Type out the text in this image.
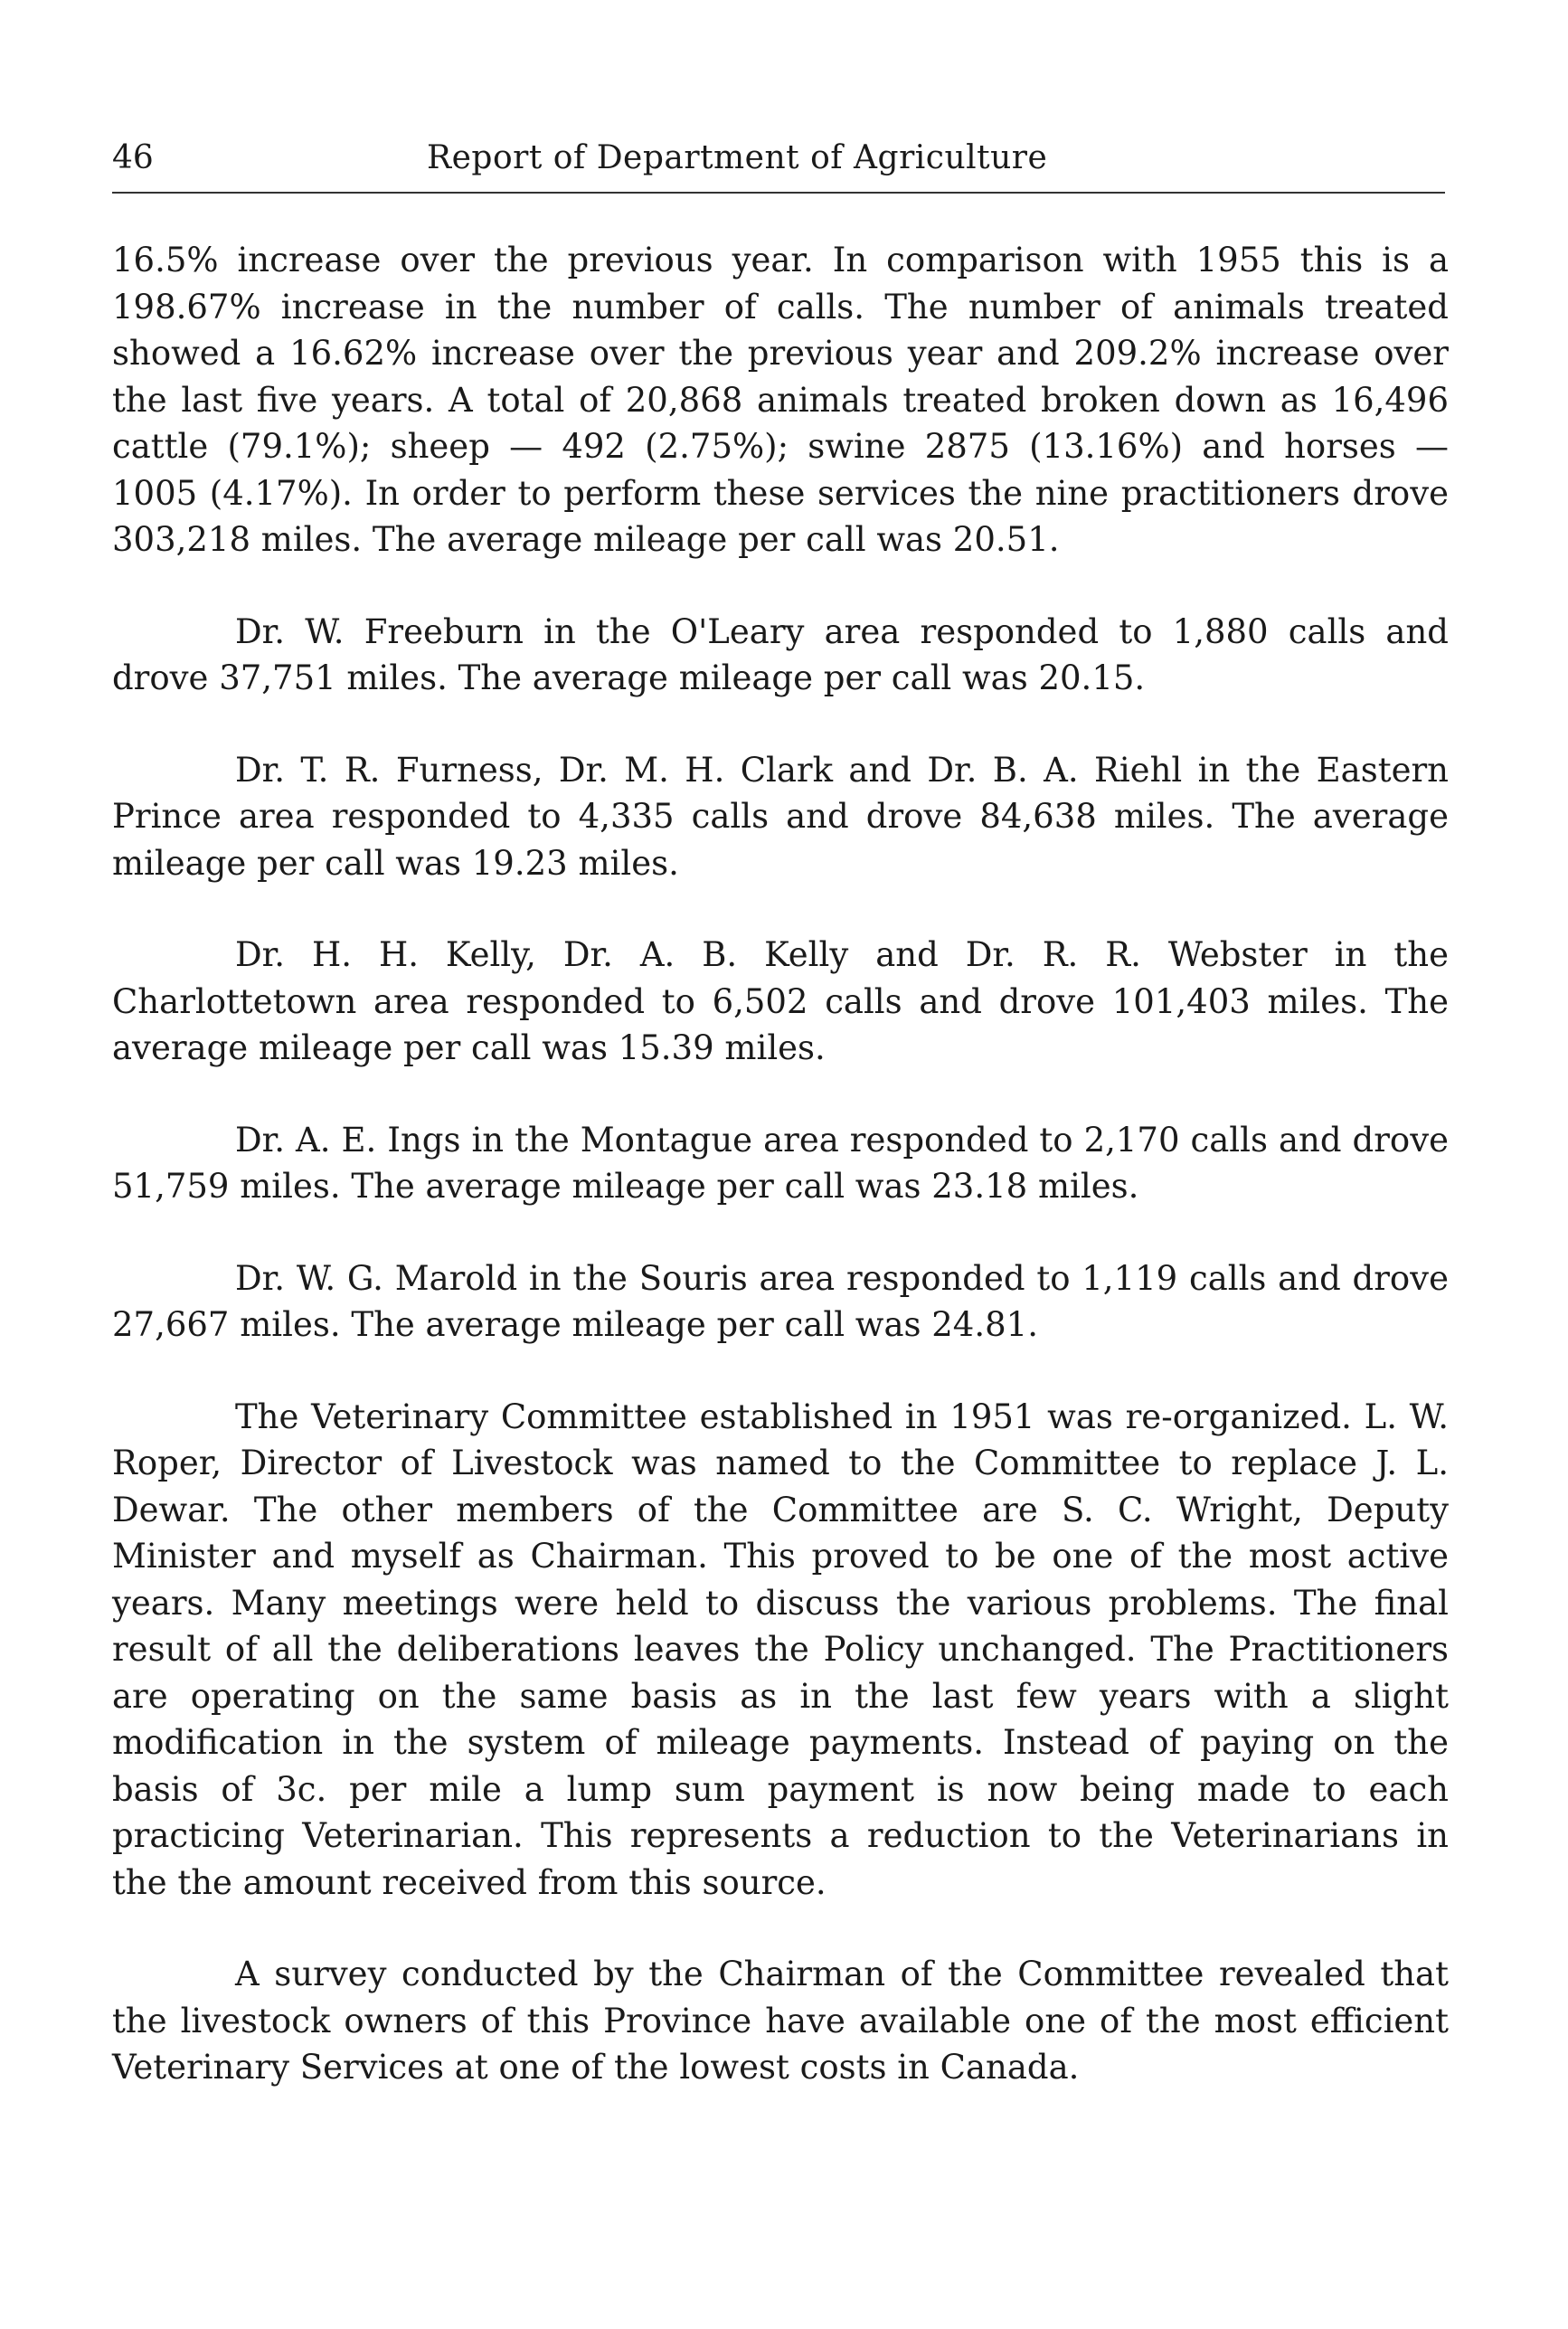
46	Report of Department of Agriculture

16.5% increase over the previous year. In comparison with 1955 this is a 198.67% increase in the number of calls. The number of animals treated showed a 16.62% increase over the previous year and 209.2% increase over the last five years. A total of 20,868 animals treated broken down as 16,496 cattle (79.1%); sheep — 492 (2.75%); swine 2875 (13.16%) and horses — 1005 (4.17%). In order to perform these services the nine practitioners drove 303,218 miles. The average mileage per call was 20.51.

Dr. W. Freeburn in the O'Leary area responded to 1,880 calls and drove 37,751 miles. The average mileage per call was 20.15.

Dr. T. R. Furness, Dr. M. H. Clark and Dr. B. A. Riehl in the Eastern Prince area responded to 4,335 calls and drove 84,638 miles. The average mileage per call was 19.23 miles.

Dr. H. H. Kelly, Dr. A. B. Kelly and Dr. R. R. Webster in the Charlottetown area responded to 6,502 calls and drove 101,403 miles. The average mileage per call was 15.39 miles.

Dr. A. E. Ings in the Montague area responded to 2,170 calls and drove 51,759 miles. The average mileage per call was 23.18 miles.

Dr. W. G. Marold in the Souris area responded to 1,119 calls and drove 27,667 miles. The average mileage per call was 24.81.

The Veterinary Committee established in 1951 was re-organized. L. W. Roper, Director of Livestock was named to the Committee to replace J. L. Dewar. The other members of the Committee are S. C. Wright, Deputy Minister and myself as Chairman. This proved to be one of the most active years. Many meetings were held to discuss the various problems. The final result of all the deliberations leaves the Policy unchanged. The Practitioners are operating on the same basis as in the last few years with a slight modification in the system of mileage payments. Instead of paying on the basis of 3c. per mile a lump sum payment is now being made to each practicing Veterinarian. This represents a reduction to the Veterinarians in the the amount received from this source.

A survey conducted by the Chairman of the Committee revealed that the livestock owners of this Province have available one of the most efficient Veterinary Services at one of the lowest costs in Canada.
